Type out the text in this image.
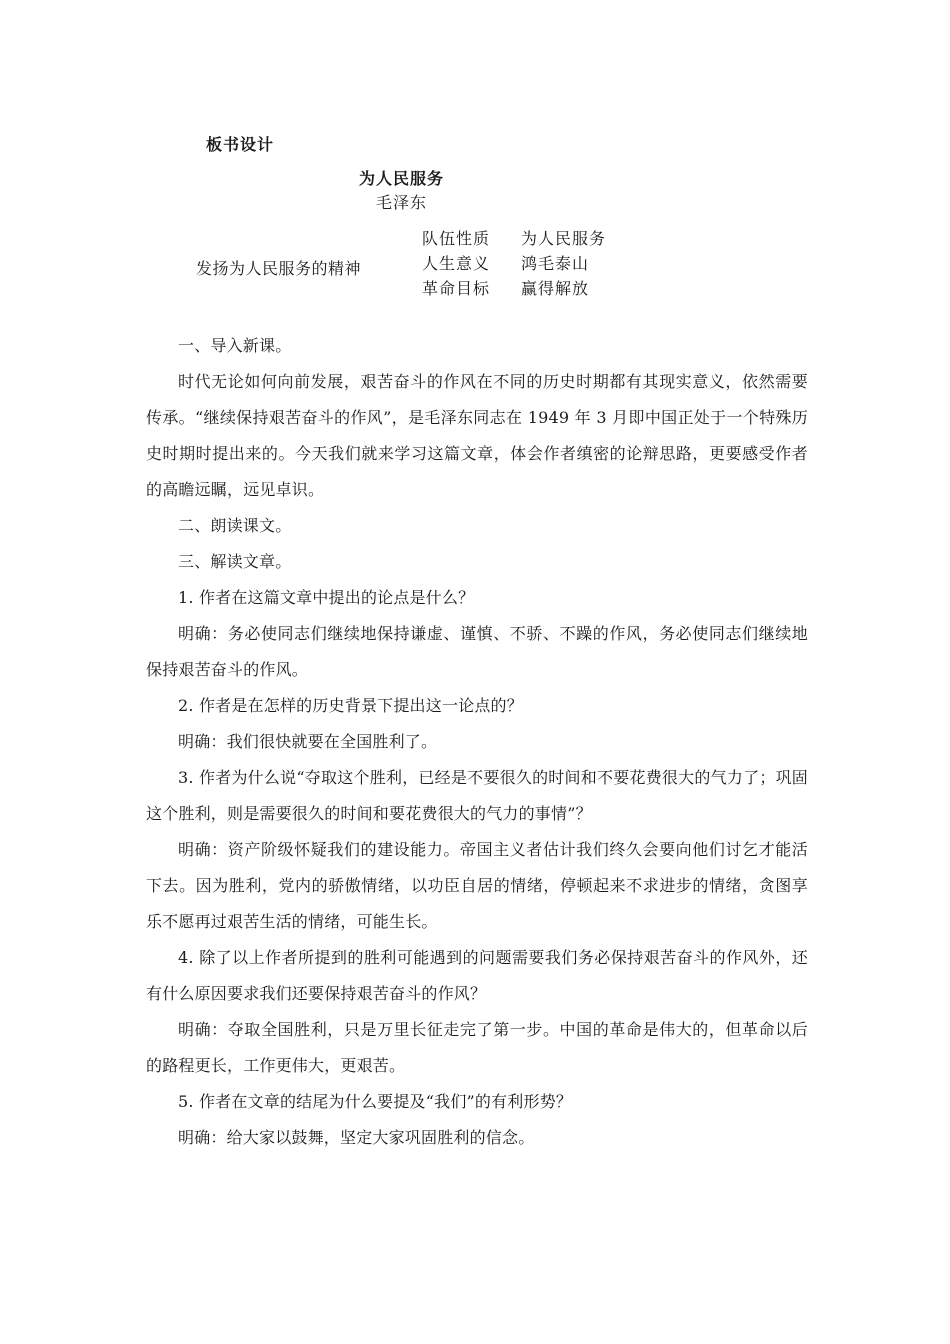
板书设计
为人民服务
毛泽东
发扬为人民服务的精神
队伍性质
人生意义
革命目标
为人民服务
鸿毛泰山
赢得解放

一、导入新课。

时代无论如何向前发展，艰苦奋斗的作风在不同的历史时期都有其现实意义，依然需要传承。“继续保持艰苦奋斗的作风”，是毛泽东同志在 1949 年 3 月即中国正处于一个特殊历史时期时提出来的。今天我们就来学习这篇文章，体会作者缜密的论辩思路，更要感受作者的高瞻远瞩，远见卓识。

二、朗读课文。

三、解读文章。

1. 作者在这篇文章中提出的论点是什么？

明确：务必使同志们继续地保持谦虚、谨慎、不骄、不躁的作风，务必使同志们继续地保持艰苦奋斗的作风。

2. 作者是在怎样的历史背景下提出这一论点的？

明确：我们很快就要在全国胜利了。

3. 作者为什么说“夺取这个胜利，已经是不要很久的时间和不要花费很大的气力了；巩固这个胜利，则是需要很久的时间和要花费很大的气力的事情”？

明确：资产阶级怀疑我们的建设能力。帝国主义者估计我们终久会要向他们讨乞才能活下去。因为胜利，党内的骄傲情绪，以功臣自居的情绪，停顿起来不求进步的情绪，贪图享乐不愿再过艰苦生活的情绪，可能生长。

4. 除了以上作者所提到的胜利可能遇到的问题需要我们务必保持艰苦奋斗的作风外，还有什么原因要求我们还要保持艰苦奋斗的作风？

明确：夺取全国胜利，只是万里长征走完了第一步。中国的革命是伟大的，但革命以后的路程更长，工作更伟大，更艰苦。

5. 作者在文章的结尾为什么要提及“我们”的有利形势？

明确：给大家以鼓舞，坚定大家巩固胜利的信念。
